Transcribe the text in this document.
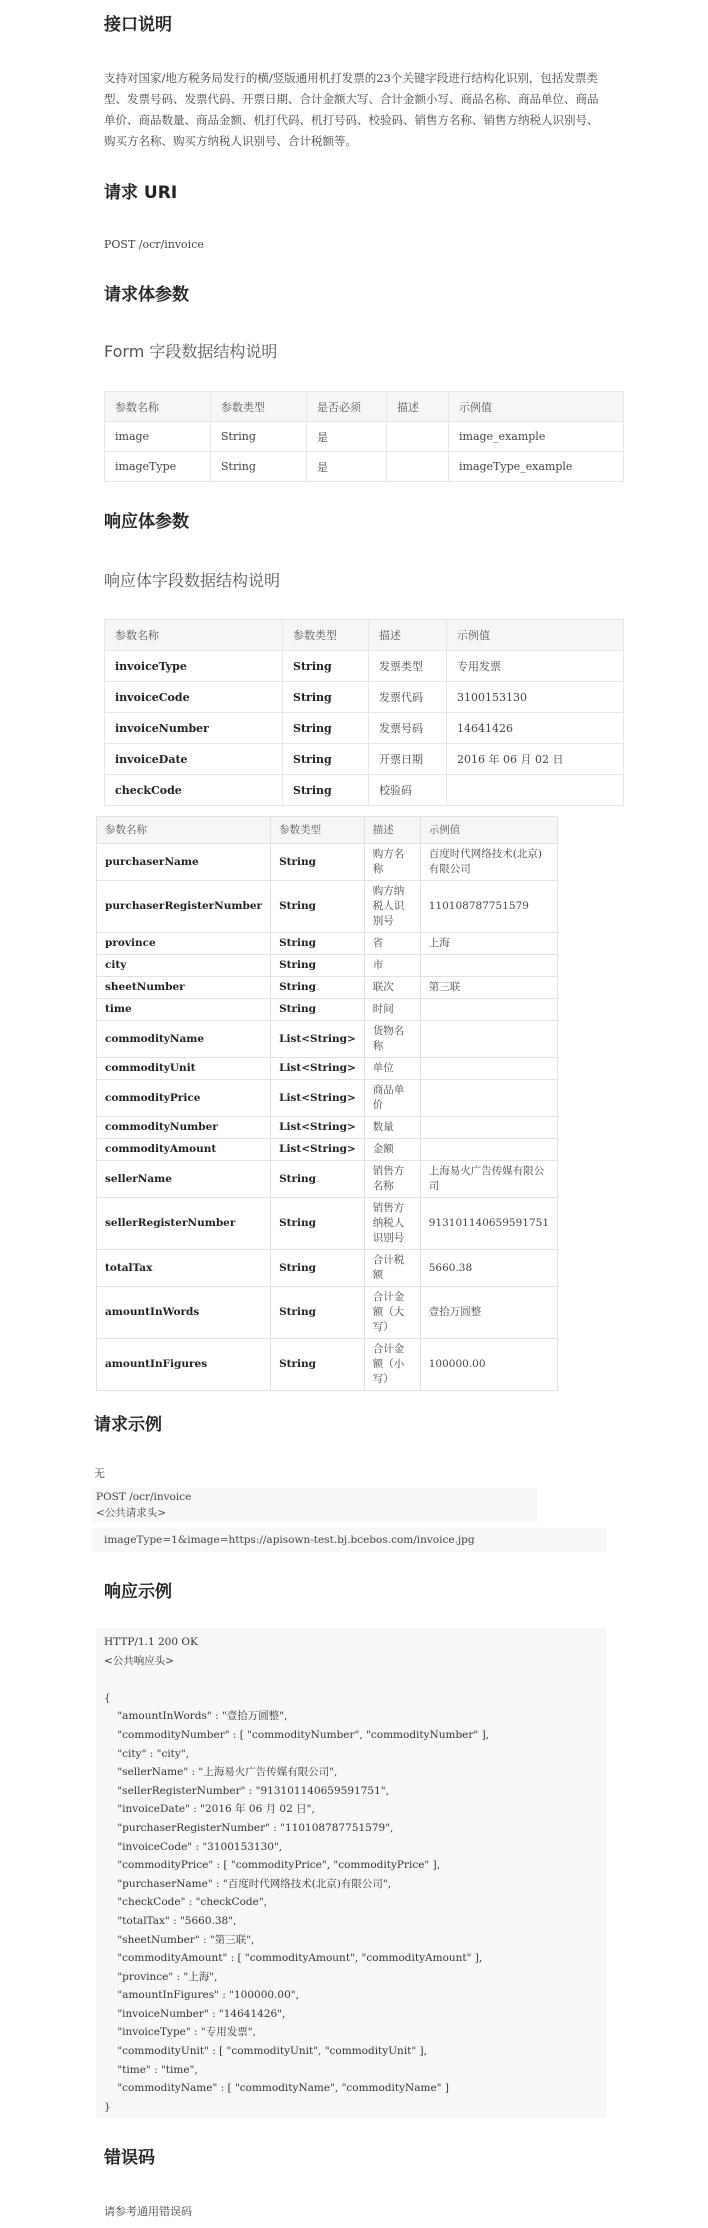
接口说明

支持对国家/地方税务局发行的横/竖版通用机打发票的23个关键字段进行结构化识别，包括发票类型、发票号码、发票代码、开票日期、合计金额大写、合计金额小写、商品名称、商品单位、商品单价、商品数量、商品金额、机打代码、机打号码、校验码、销售方名称、销售方纳税人识别号、购买方名称、购买方纳税人识别号、合计税额等。

请求 URI

POST /ocr/invoice

请求体参数

Form 字段数据结构说明

参数名称	参数类型	是否必须	描述	示例值
image	String	是		image_example
imageType	String	是		imageType_example
响应体参数

响应体字段数据结构说明

参数名称	参数类型	描述	示例值
invoiceType	String	发票类型	专用发票
invoiceCode	String	发票代码	3100153130
invoiceNumber	String	发票号码	14641426
invoiceDate	String	开票日期	2016 年 06 月 02 日
checkCode	String	校验码	
参数名称	参数类型	描述	示例值
purchaserName	String	购方名称	百度时代网络技术(北京)有限公司
purchaserRegisterNumber	String	购方纳税人识别号	110108787751579
province	String	省	上海
city	String	市	
sheetNumber	String	联次	第三联
time	String	时间	
commodityName	List<String>	货物名称	
commodityUnit	List<String>	单位	
commodityPrice	List<String>	商品单价	
commodityNumber	List<String>	数量	
commodityAmount	List<String>	金额	
sellerName	String	销售方名称	上海易火广告传媒有限公司
sellerRegisterNumber	String	销售方纳税人识别号	913101140659591751
totalTax	String	合计税额	5660.38
amountInWords	String	合计金额（大写）	壹拾万圆整
amountInFigures	String	合计金额（小写）	100000.00
请求示例

无

POST /ocr/invoice

<公共请求头>

imageType=1&image=https://apisown-test.bj.bcebos.com/invoice.jpg

响应示例
HTTP/1.1 200 OK
<公共响应头>

{
"amountInWords" : "壹拾万圆整",
"commodityNumber" : [ "commodityNumber", "commodityNumber" ],
"city" : "city",
"sellerName" : "上海易火广告传媒有限公司",
"sellerRegisterNumber" : "913101140659591751",
"invoiceDate" : "2016 年 06 月 02 日",
"purchaserRegisterNumber" : "110108787751579",
"invoiceCode" : "3100153130",
"commodityPrice" : [ "commodityPrice", "commodityPrice" ],
"purchaserName" : "百度时代网络技术(北京)有限公司",
"checkCode" : "checkCode",
"totalTax" : "5660.38",
"sheetNumber" : "第三联",
"commodityAmount" : [ "commodityAmount", "commodityAmount" ],
"province" : "上海",
"amountInFigures" : "100000.00",
"invoiceNumber" : "14641426",
"invoiceType" : "专用发票",
"commodityUnit" : [ "commodityUnit", "commodityUnit" ],
"time" : "time",
"commodityName" : [ "commodityName", "commodityName" ]
}
错误码

请参考通用错误码
